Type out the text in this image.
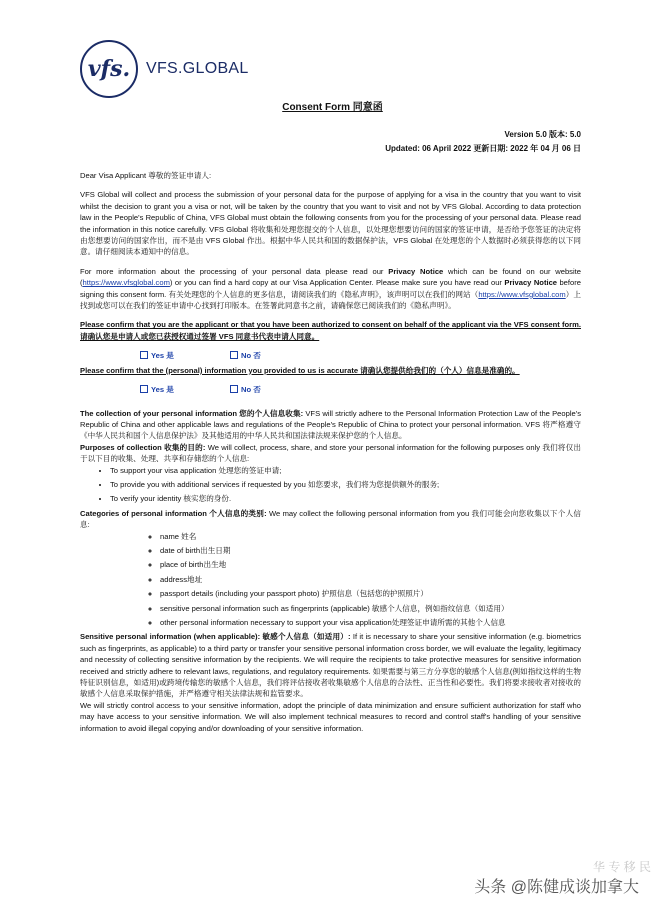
vfs. VFS.GLOBAL
Consent Form 同意函
Version 5.0 版本: 5.0
Updated: 06 April 2022 更新日期: 2022 年 04 月 06 日

Dear Visa Applicant 尊敬的签证申请人:

VFS Global will collect and process the submission of your personal data for the purpose of applying for a visa in the country that you want to visit whilst the decision to grant you a visa or not, will be taken by the country that you want to visit and not by VFS Global. According to data protection law in the People's Republic of China, VFS Global must obtain the following consents from you for the processing of your personal data. Please read the information in this notice carefully. VFS Global 将收集和处理您提交的个人信息，以处理您想要访问的国家的签证申请，是否给予您签证的决定将由您想要访问的国家作出，而不是由 VFS Global 作出。根据中华人民共和国的数据保护法，VFS Global 在处理您的个人数据时必须获得您的以下同意。请仔细阅读本通知中的信息。

For more information about the processing of your personal data please read our Privacy Notice which can be found on our website (https://www.vfsglobal.com) or you can find a hard copy at our Visa Application Center. Please make sure you have read our Privacy Notice before signing this consent form. 有关处理您的个人信息的更多信息，请阅读我们的《隐私声明》，该声明可以在我们的网站（https://www.vfsglobal.com）上找到或您可以在我们的签证申请中心找到打印版本。在签署此同意书之前，请确保您已阅读我们的《隐私声明》。

Please confirm that you are the applicant or that you have been authorized to consent on behalf of the applicant via the VFS consent form. 请确认您是申请人或您已获授权通过签署 VFS 同意书代表申请人同意。

Yes 是	No 否

Please confirm that the (personal) information you provided to us is accurate 请确认您提供给我们的（个人）信息是准确的。

Yes 是	No 否

The collection of your personal information 您的个人信息收集: VFS will strictly adhere to the Personal Information Protection Law of the People's Republic of China and other applicable laws and regulations of the People's Republic of China to protect your personal information. VFS 将严格遵守《中华人民共和国个人信息保护法》及其他适用的中华人民共和国法律法规来保护您的个人信息。

Purposes of collection 收集的目的: We will collect, process, share, and store your personal information for the following purposes only 我们将仅出于以下目的收集、处理、共享和存储您的个人信息:

• To support your visa application 处理您的签证申请;
• To provide you with additional services if requested by you 如您要求，我们将为您提供额外的服务;
• To verify your identity 核实您的身份.

Categories of personal information 个人信息的类别: We may collect the following personal information from you 我们可能会向您收集以下个人信息:

◦ name 姓名
◦ date of birth出生日期
◦ place of birth出生地
◦ address地址
◦ passport details (including your passport photo) 护照信息（包括您的护照照片）
◦ sensitive personal information such as fingerprints (applicable) 敏感个人信息，例如指纹信息（如适用）
◦ other personal information necessary to support your visa application处理签证申请所需的其他个人信息

Sensitive personal information (when applicable): 敏感个人信息（如适用）: If it is necessary to share your sensitive information (e.g. biometrics such as fingerprints, as applicable) to a third party or transfer your sensitive personal information cross border, we will evaluate the legality, legitimacy and necessity of collecting sensitive information by the recipients. We will require the recipients to take protective measures for sensitive information received and strictly adhere to relevant laws, regulations, and regulatory requirements. 如果需要与第三方分享您的敏感个人信息(例如指纹这样的生物特征识别信息，如适用)或跨境传输您的敏感个人信息，我们将评估接收者收集敏感个人信息的合法性、正当性和必要性。我们将要求接收者对接收的敏感个人信息采取保护措施，并严格遵守相关法律法规和监管要求。

We will strictly control access to your sensitive information, adopt the principle of data minimization and ensure sufficient authorization for staff who may have access to your sensitive information. We will also implement technical measures to record and control staff's handling of your sensitive information to avoid illegal copying and/or downloading of your sensitive information.

华 专 移 民
头条 @陈健成谈加拿大
